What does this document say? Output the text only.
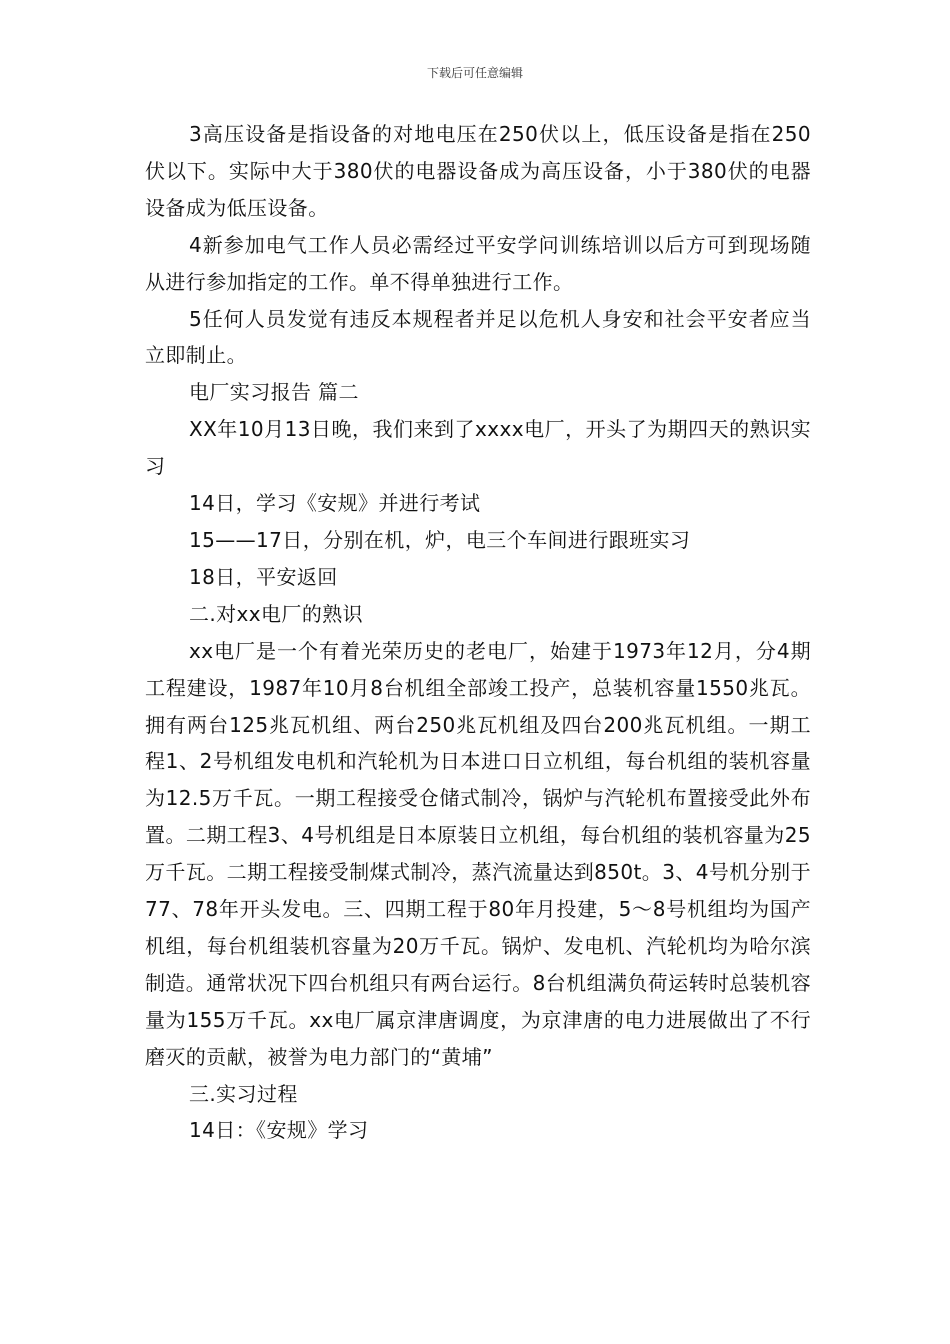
下载后可任意编辑

3高压设备是指设备的对地电压在250伏以上，低压设备是指在250伏以下。实际中大于380伏的电器设备成为高压设备，小于380伏的电器设备成为低压设备。

4新参加电气工作人员必需经过平安学问训练培训以后方可到现场随从进行参加指定的工作。单不得单独进行工作。

5任何人员发觉有违反本规程者并足以危机人身安和社会平安者应当立即制止。

电厂实习报告 篇二

XX年10月13日晚，我们来到了xxxx电厂，开头了为期四天的熟识实习

14日，学习《安规》并进行考试

15——17日，分别在机，炉，电三个车间进行跟班实习

18日，平安返回

二.对xx电厂的熟识

xx电厂是一个有着光荣历史的老电厂，始建于1973年12月，分4期工程建设，1987年10月8台机组全部竣工投产，总装机容量1550兆瓦。拥有两台125兆瓦机组、两台250兆瓦机组及四台200兆瓦机组。一期工程1、2号机组发电机和汽轮机为日本进口日立机组，每台机组的装机容量为12.5万千瓦。一期工程接受仓储式制冷，锅炉与汽轮机布置接受此外布置。二期工程3、4号机组是日本原装日立机组，每台机组的装机容量为25万千瓦。二期工程接受制煤式制冷，蒸汽流量达到850t。3、4号机分别于77、78年开头发电。三、四期工程于80年月投建，5～8号机组均为国产机组，每台机组装机容量为20万千瓦。锅炉、发电机、汽轮机均为哈尔滨制造。通常状况下四台机组只有两台运行。8台机组满负荷运转时总装机容量为155万千瓦。xx电厂属京津唐调度，为京津唐的电力进展做出了不行磨灭的贡献，被誉为电力部门的“黄埔”

三.实习过程

14日：《安规》学习
